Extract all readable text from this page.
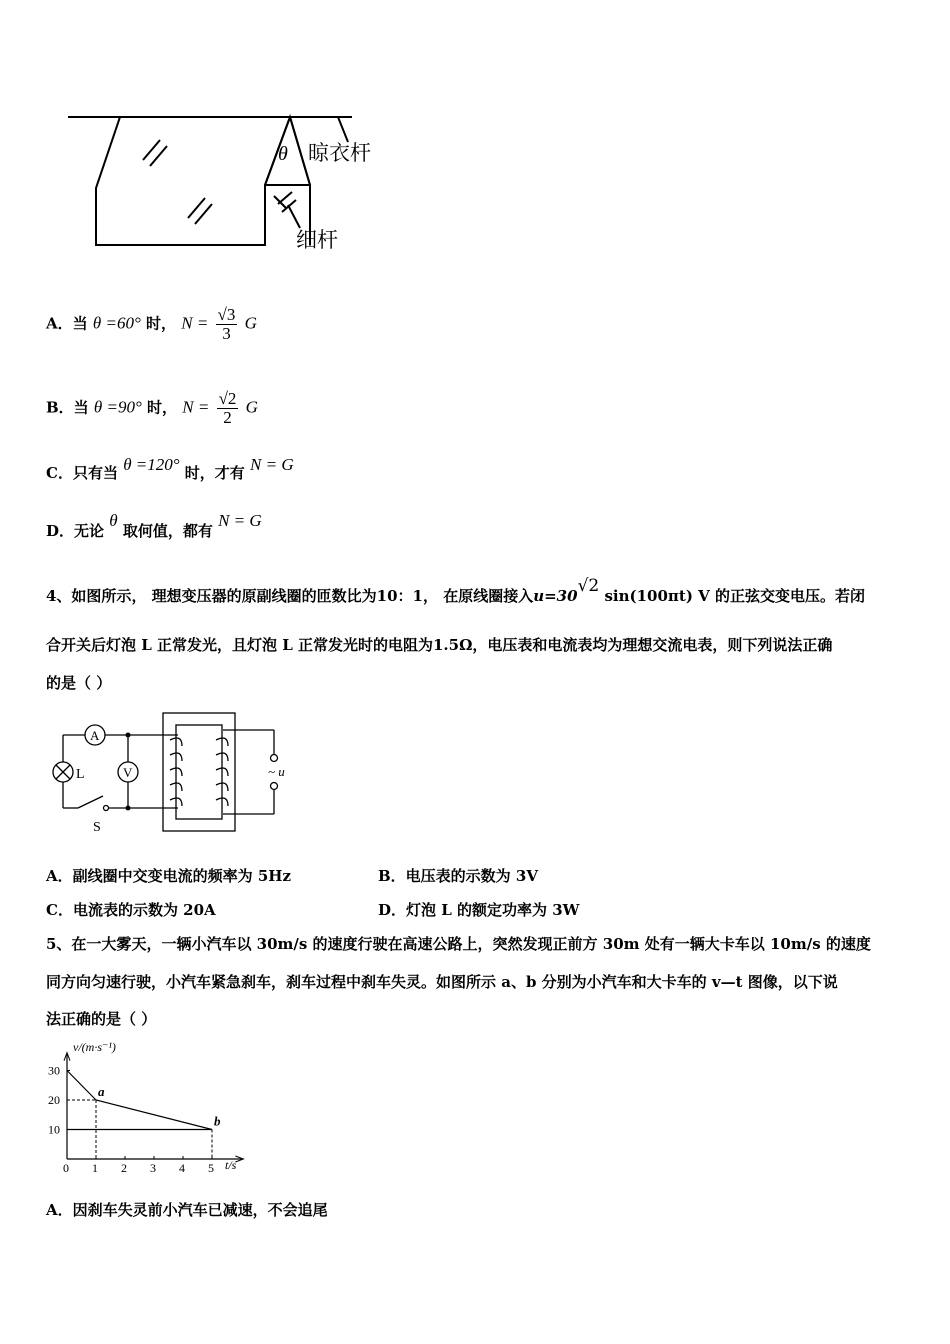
θ 晾衣杆
细杆
A．当 θ =60° 时， $N = \frac{√3}{3}$ G
B．当 θ =90° 时， $N = \frac{√2}{2}$ G
C．只有当 θ =120° 时，才有 N = G
D．无论 θ 取何值，都有 N = G
4、如图所示， 理想变压器的原副线圈的匝数比为10：1， 在原线圈接入u=30√2 sin(100πt) V 的正弦交变电压。若闭
合开关后灯泡 L 正常发光，且灯泡 L 正常发光时的电阻为1.5Ω，电压表和电流表均为理想交流电表，则下列说法正确
的是（ ）
A
V
L
S
~ u
A．副线圈中交变电流的频率为 5Hz	B．电压表的示数为 3V
C．电流表的示数为 20A	D．灯泡 L 的额定功率为 3W
5、在一大雾天，一辆小汽车以 30m/s 的速度行驶在高速公路上，突然发现正前方 30m 处有一辆大卡车以 10m/s 的速度
同方向匀速行驶，小汽车紧急刹车，刹车过程中刹车失灵。如图所示 a、b 分别为小汽车和大卡车的 v—t 图像，以下说
法正确的是（ ）
v/(m·s⁻¹)
t/s
0 1 2 3 4 5
10
20
30
a
b
A．因刹车失灵前小汽车已减速，不会追尾
